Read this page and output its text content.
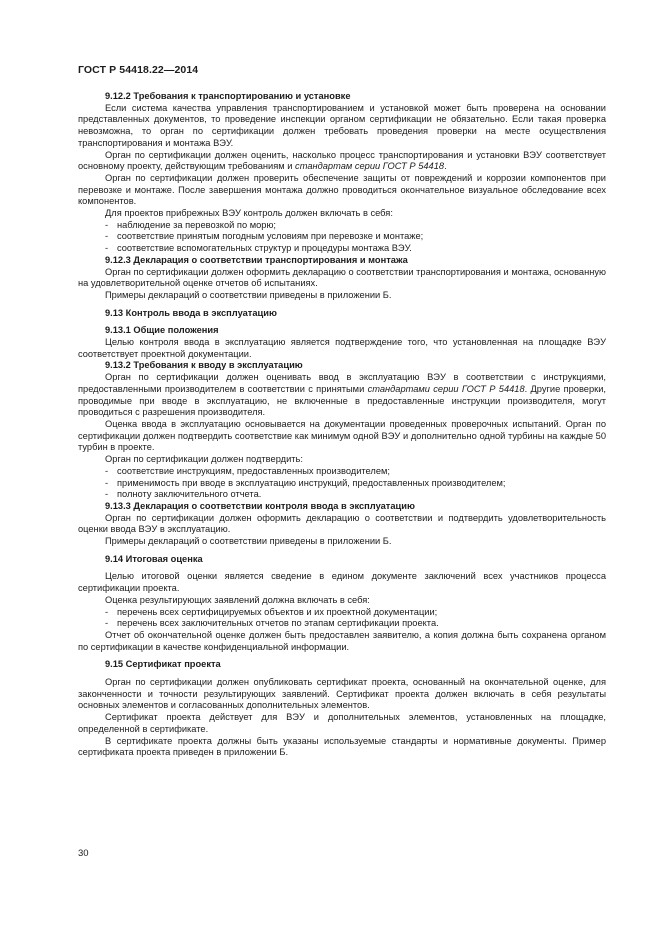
ГОСТ Р 54418.22—2014

9.12.2 Требования к транспортированию и установке

Если система качества управления транспортированием и установкой может быть проверена на основании представленных документов, то проведение инспекции органом сертификации не обязательно. Если такая проверка невозможна, то орган по сертификации должен требовать проведения проверки на месте осуществления транспортирования и монтажа ВЭУ.

Орган по сертификации должен оценить, насколько процесс транспортирования и установки ВЭУ соответствует основному проекту, действующим требованиям и стандартам серии ГОСТ Р 54418.

Орган по сертификации должен проверить обеспечение защиты от повреждений и коррозии компонентов при перевозке и монтаже. После завершения монтажа должно проводиться окончательное визуальное обследование всех компонентов.

Для проектов прибрежных ВЭУ контроль должен включать в себя:

- наблюдение за перевозкой по морю;

- соответствие принятым погодным условиям при перевозке и монтаже;

- соответствие вспомогательных структур и процедуры монтажа ВЭУ.

9.12.3 Декларация о соответствии транспортирования и монтажа

Орган по сертификации должен оформить декларацию о соответствии транспортирования и монтажа, основанную на удовлетворительной оценке отчетов об испытаниях.

Примеры деклараций о соответствии приведены в приложении Б.

9.13 Контроль ввода в эксплуатацию

9.13.1 Общие положения

Целью контроля ввода в эксплуатацию является подтверждение того, что установленная на площадке ВЭУ соответствует проектной документации.

9.13.2 Требования к вводу в эксплуатацию

Орган по сертификации должен оценивать ввод в эксплуатацию ВЭУ в соответствии с инструкциями, предоставленными производителем в соответствии с принятыми стандартами серии ГОСТ Р 54418. Другие проверки, проводимые при вводе в эксплуатацию, не включенные в предоставленные инструкции производителя, могут проводиться с разрешения производителя.

Оценка ввода в эксплуатацию основывается на документации проведенных проверочных испытаний. Орган по сертификации должен подтвердить соответствие как минимум одной ВЭУ и дополнительно одной турбины на каждые 50 турбин в проекте.

Орган по сертификации должен подтвердить:

- соответствие инструкциям, предоставленных производителем;

- применимость при вводе в эксплуатацию инструкций, предоставленных производителем;

- полноту заключительного отчета.

9.13.3 Декларация о соответствии контроля ввода в эксплуатацию

Орган по сертификации должен оформить декларацию о соответствии и подтвердить удовлетворительность оценки ввода ВЭУ в эксплуатацию.

Примеры деклараций о соответствии приведены в приложении Б.

9.14 Итоговая оценка

Целью итоговой оценки является сведение в едином документе заключений всех участников процесса сертификации проекта.

Оценка результирующих заявлений должна включать в себя:

- перечень всех сертифицируемых объектов и их проектной документации;

- перечень всех заключительных отчетов по этапам сертификации проекта.

Отчет об окончательной оценке должен быть предоставлен заявителю, а копия должна быть сохранена органом по сертификации в качестве конфиденциальной информации.

9.15 Сертификат проекта

Орган по сертификации должен опубликовать сертификат проекта, основанный на окончательной оценке, для законченности и точности результирующих заявлений. Сертификат проекта должен включать в себя результаты основных элементов и согласованных дополнительных элементов.

Сертификат проекта действует для ВЭУ и дополнительных элементов, установленных на площадке, определенной в сертификате.

В сертификате проекта должны быть указаны используемые стандарты и нормативные документы. Пример сертификата проекта приведен в приложении Б.

30
